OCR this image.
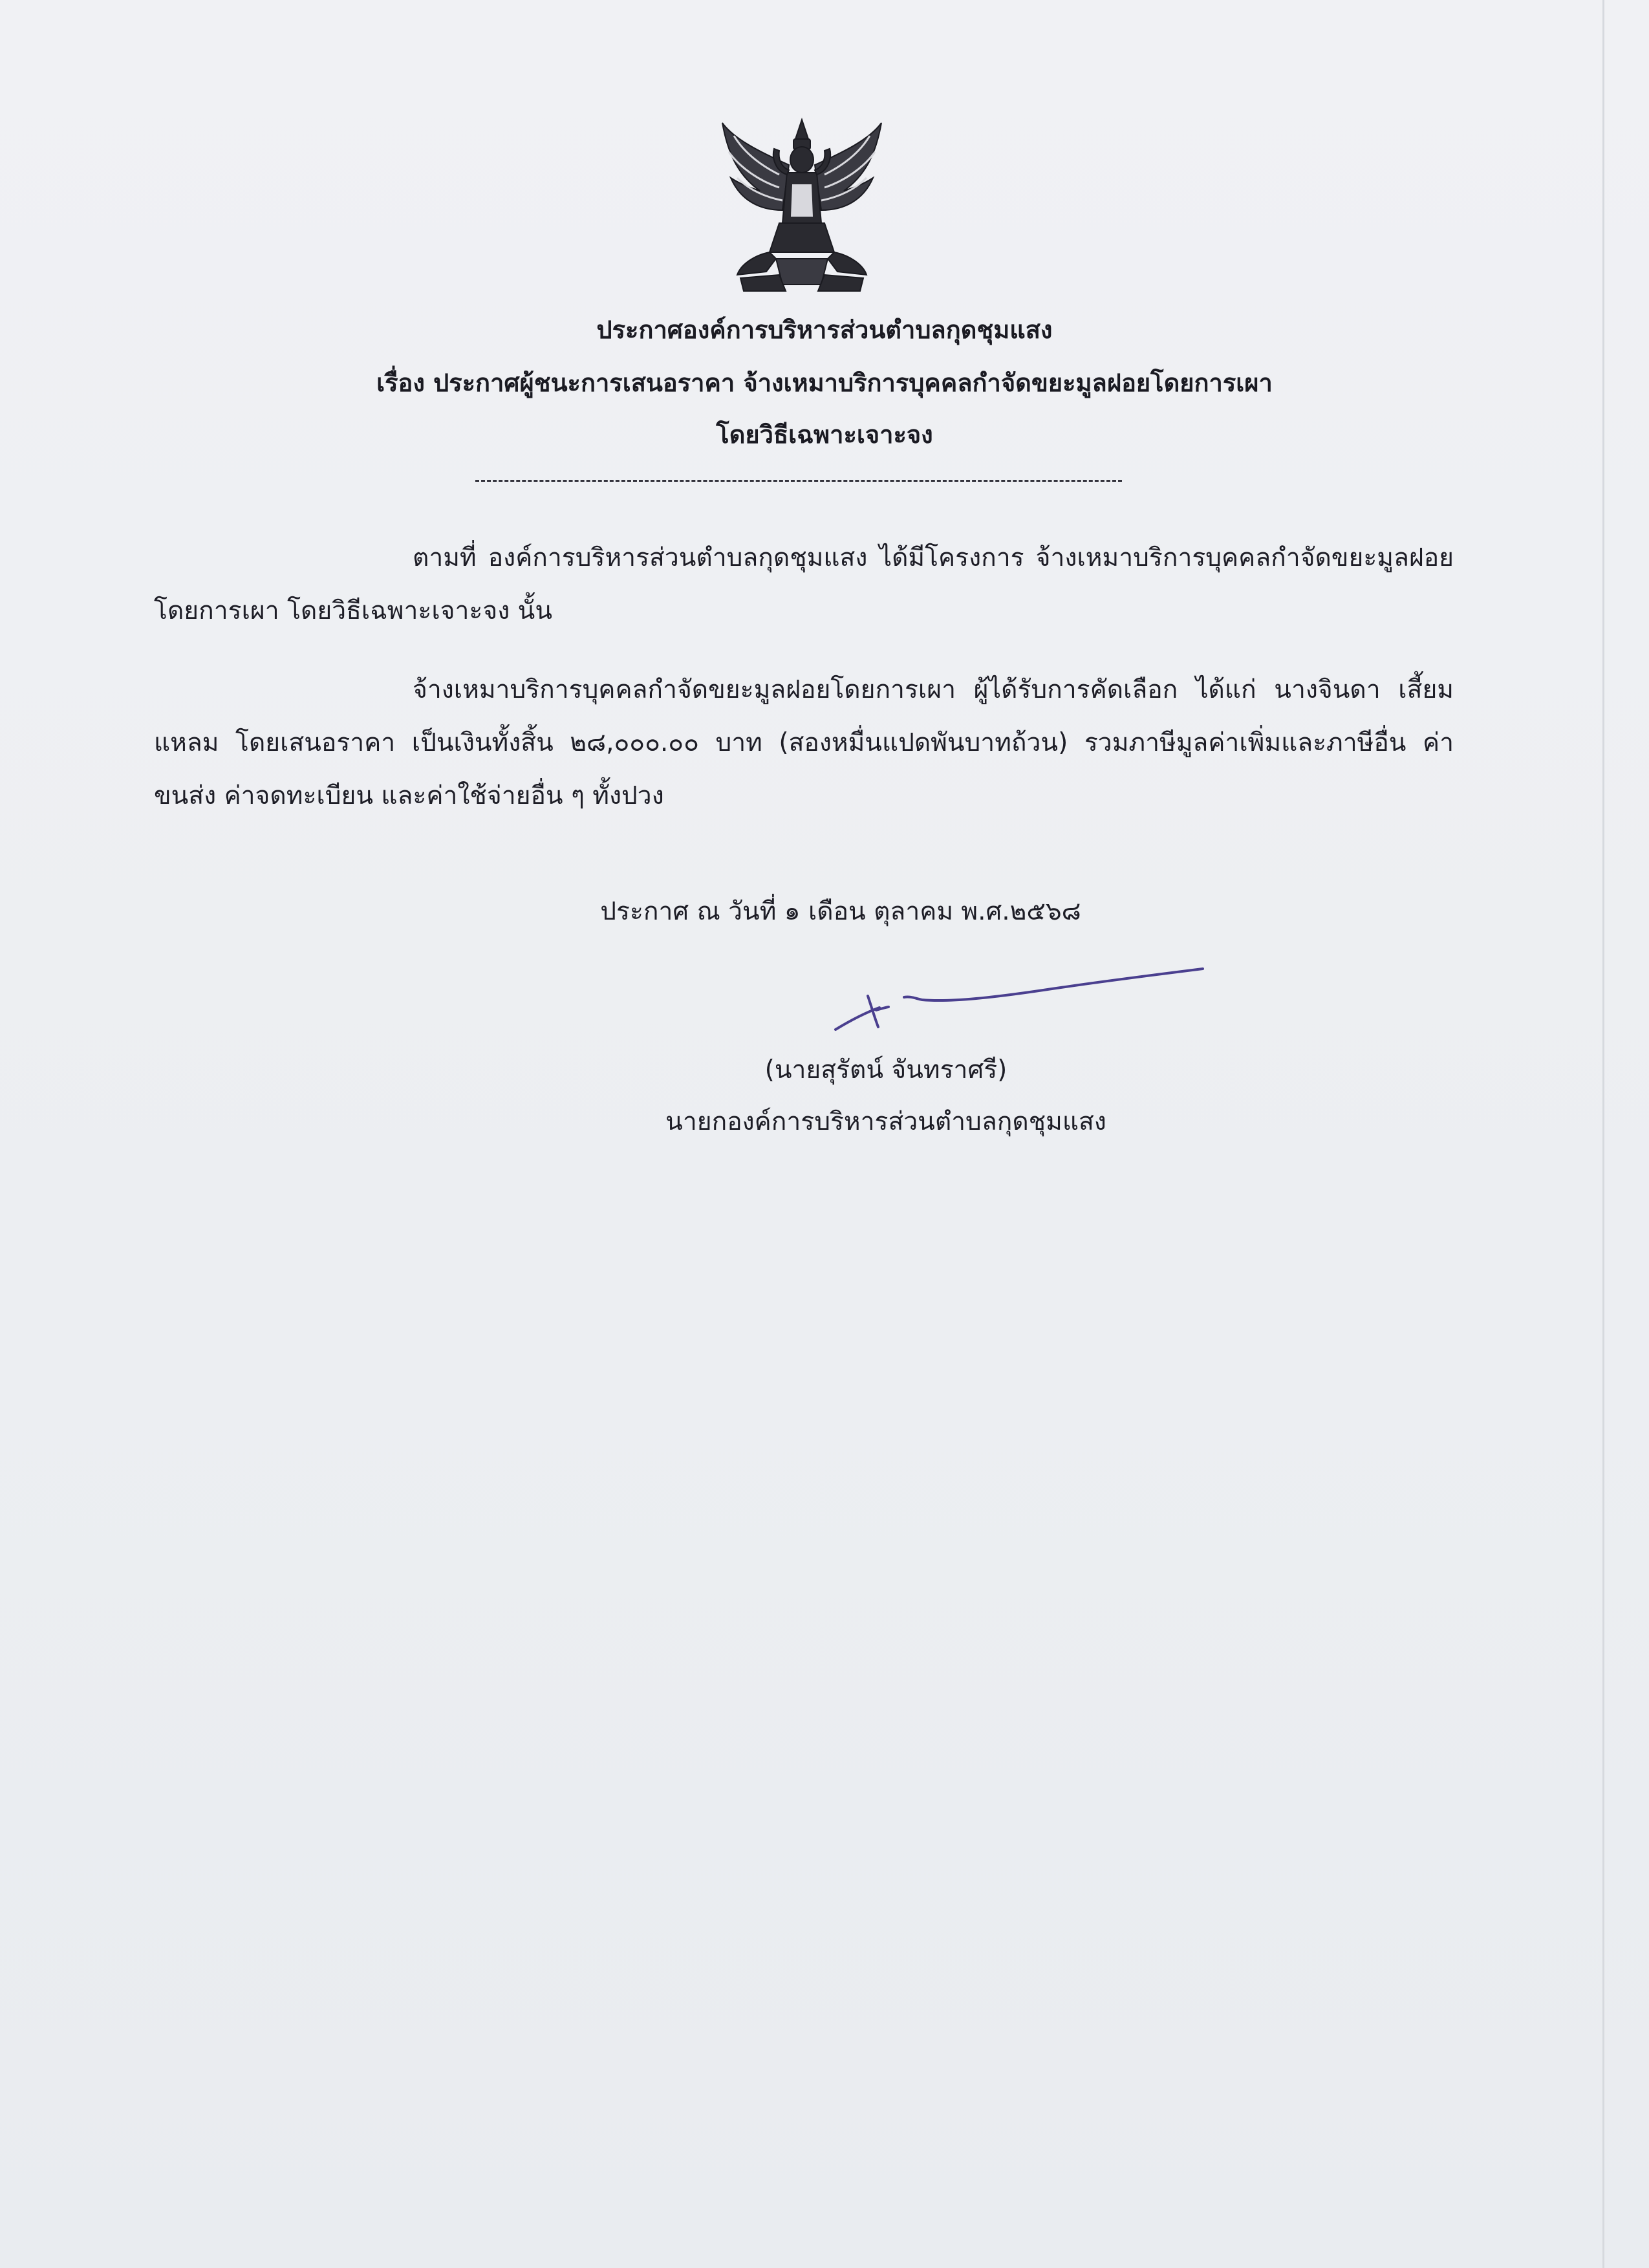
ประกาศองค์การบริหารส่วนตำบลกุดชุมแสง

เรื่อง ประกาศผู้ชนะการเสนอราคา จ้างเหมาบริการบุคคลกำจัดขยะมูลฝอยโดยการเผา

โดยวิธีเฉพาะเจาะจง

ตามที่ องค์การบริหารส่วนตำบลกุดชุมแสง ได้มีโครงการ จ้างเหมาบริการบุคคลกำจัดขยะมูลฝอยโดยการเผา โดยวิธีเฉพาะเจาะจง นั้น

จ้างเหมาบริการบุคคลกำจัดขยะมูลฝอยโดยการเผา ผู้ได้รับการคัดเลือก ได้แก่ นางจินดา เสี้ยมแหลม โดยเสนอราคา เป็นเงินทั้งสิ้น ๒๘,๐๐๐.๐๐ บาท (สองหมื่นแปดพันบาทถ้วน) รวมภาษีมูลค่าเพิ่มและภาษีอื่น ค่าขนส่ง ค่าจดทะเบียน และค่าใช้จ่ายอื่น ๆ ทั้งปวง

ประกาศ ณ วันที่ ๑ เดือน ตุลาคม พ.ศ.๒๕๖๘

(นายสุรัตน์ จันทราศรี)

นายกองค์การบริหารส่วนตำบลกุดชุมแสง
